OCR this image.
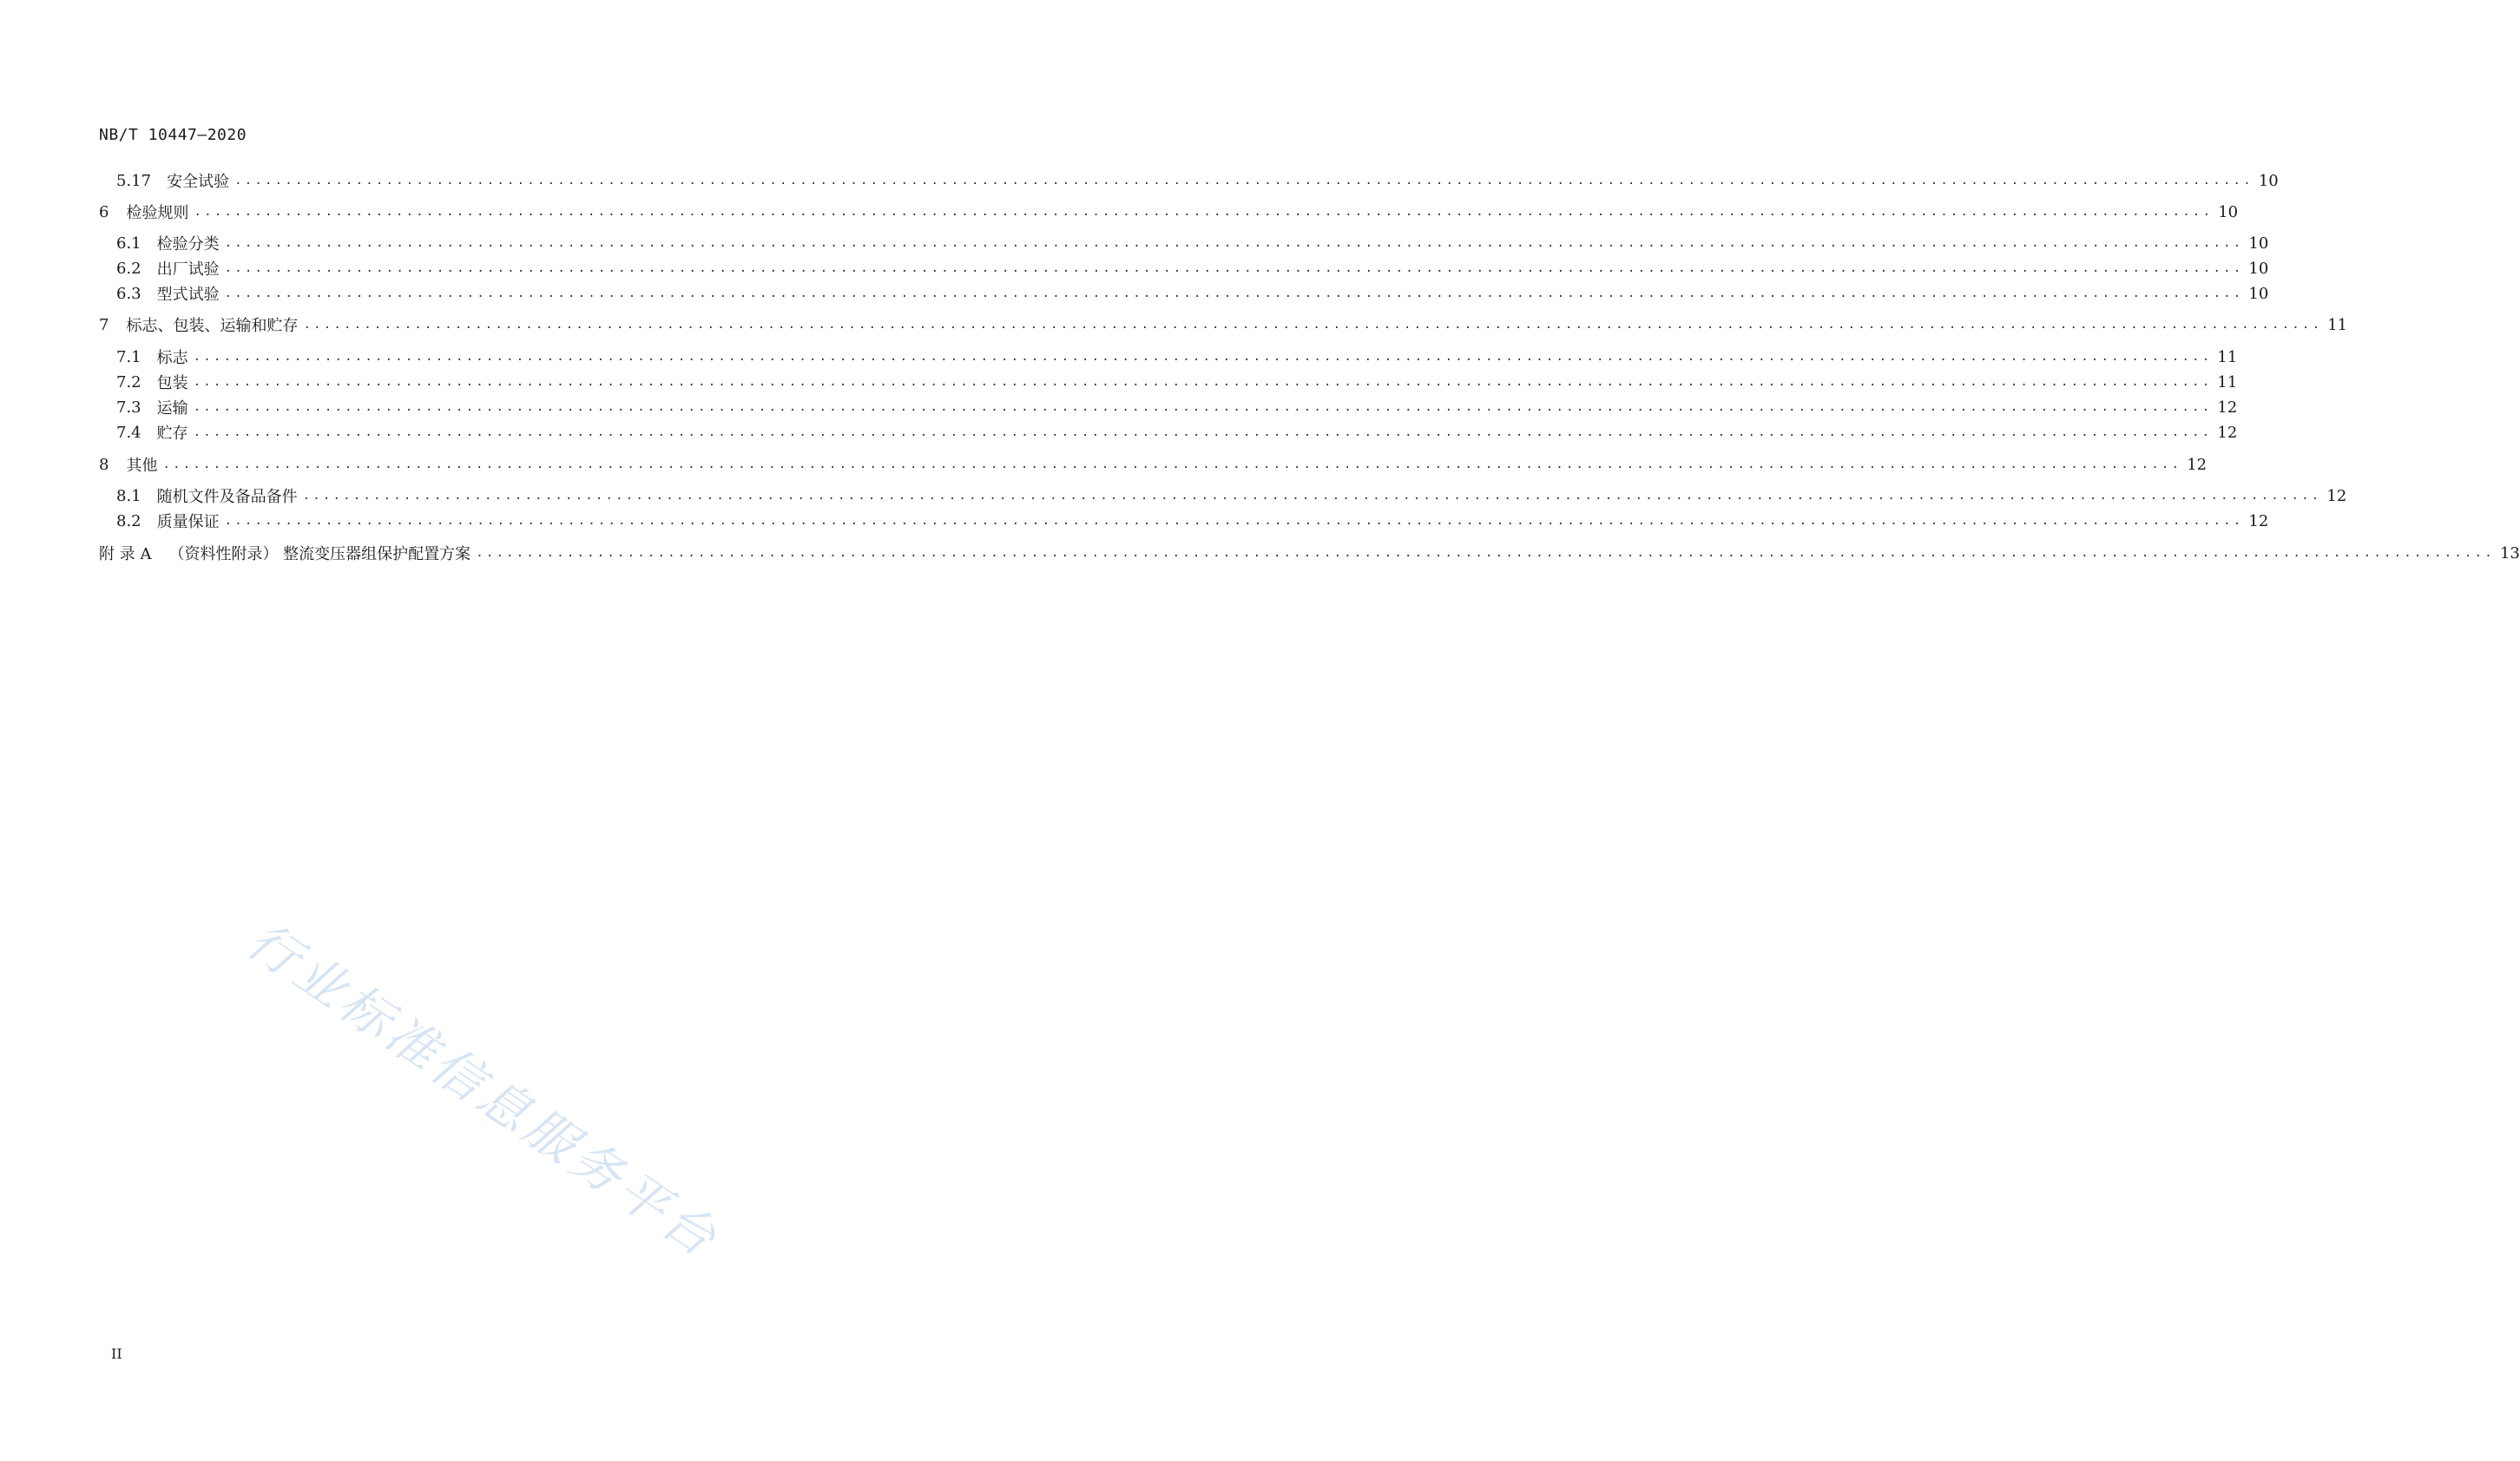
NB/T 10447—2020
5.17	安全试验 ........................................................................................................................................................................................................ 10
6	检验规则 ........................................................................................................................................................................................................ 10
6.1	检验分类 ........................................................................................................................................................................................................ 10
6.2	出厂试验 ........................................................................................................................................................................................................ 10
6.3	型式试验 ........................................................................................................................................................................................................ 10
7	标志、包装、运输和贮存 ........................................................................................................................................................................................................ 11
7.1	标志 ........................................................................................................................................................................................................ 11
7.2	包装 ........................................................................................................................................................................................................ 11
7.3	运输 ........................................................................................................................................................................................................ 12
7.4	贮存 ........................................................................................................................................................................................................ 12
8	其他 ........................................................................................................................................................................................................ 12
8.1	随机文件及备品备件 ........................................................................................................................................................................................................ 12
8.2	质量保证 ........................................................................................................................................................................................................ 12
附 录 A	（资料性附录） 整流变压器组保护配置方案 ........................................................................................................................................................................................................ 13
行业标准信息服务平台
II
